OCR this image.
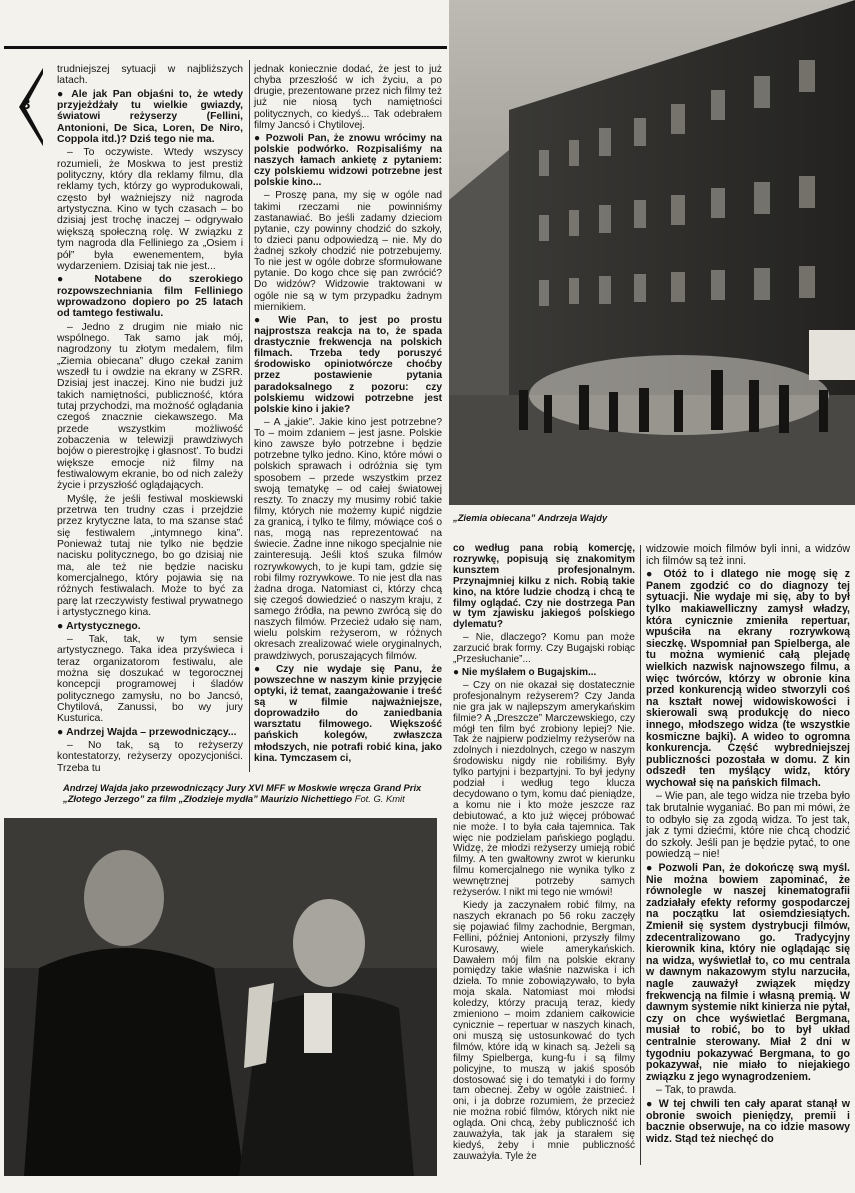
3
„Ziemia obiecana” Andrzeja Wajdy
Andrzej Wajda jako przewodniczący Jury XVI MFF w Moskwie wręcza Grand Prix „Złotego Jerzego” za film „Złodzieje mydła” Maurizio Nichettiego Fot. G. Kmit

trudniejszej sytuacji w najbliższych latach.

● Ale jak Pan objaśni to, że wtedy przyjeżdżały tu wielkie gwiazdy, światowi reżyserzy (Fellini, Antonioni, De Sica, Loren, De Niro, Coppola itd.)? Dziś tego nie ma.

– To oczywiste. Wtedy wszyscy rozumieli, że Moskwa to jest prestiż polityczny, który dla reklamy filmu, dla reklamy tych, którzy go wyprodukowali, często był ważniejszy niż nagroda artystyczna. Kino w tych czasach – bo dzisiaj jest trochę inaczej – odgrywało większą społeczną rolę. W związku z tym nagroda dla Felliniego za „Osiem i pół” była ewenementem, była wydarzeniem. Dzisiaj tak nie jest...

● Notabene do szerokiego rozpowszechniania film Felliniego wprowadzono dopiero po 25 latach od tamtego festiwalu.

– Jedno z drugim nie miało nic wspólnego. Tak samo jak mój, nagrodzony tu złotym medalem, film „Ziemia obiecana” długo czekał zanim wszedł tu i owdzie na ekrany w ZSRR. Dzisiaj jest inaczej. Kino nie budzi już takich namiętności, publiczność, która tutaj przychodzi, ma możność oglądania czegoś znacznie ciekawszego. Ma przede wszystkim możliwość zobaczenia w telewizji prawdziwych bojów o pierestrojkę i głasnost’. To budzi większe emocje niż filmy na festiwalowym ekranie, bo od nich zależy życie i przyszłość oglądających.

Myślę, że jeśli festiwal moskiewski przetrwa ten trudny czas i przejdzie przez krytyczne lata, to ma szanse stać się festiwalem „intymnego kina”. Ponieważ tutaj nie tylko nie będzie nacisku politycznego, bo go dzisiaj nie ma, ale też nie będzie nacisku komercjalnego, który pojawia się na różnych festiwalach. Może to być za parę lat rzeczywisty festiwal prywatnego i artystycznego kina.

● Artystycznego.

– Tak, tak, w tym sensie artystycznego. Taka idea przyświeca i teraz organizatorom festiwalu, ale można się doszukać w tegorocznej koncepcji programowej i śladów politycznego zamysłu, no bo Jancsó, Chytilová, Zanussi, bo wy jury Kusturica.

● Andrzej Wajda – przewodniczący...

– No tak, są to reżyserzy kontestatorzy, reżyserzy opozycjoniści. Trzeba tu

jednak koniecznie dodać, że jest to już chyba przeszłość w ich życiu, a po drugie, prezentowane przez nich filmy też już nie niosą tych namiętności politycznych, co kiedyś... Tak odebrałem filmy Jancsó i Chytilovej.

● Pozwoli Pan, że znowu wrócimy na polskie podwórko. Rozpisaliśmy na naszych łamach ankietę z pytaniem: czy polskiemu widzowi potrzebne jest polskie kino...

– Proszę pana, my się w ogóle nad takimi rzeczami nie powinniśmy zastanawiać. Bo jeśli zadamy dzieciom pytanie, czy powinny chodzić do szkoły, to dzieci panu odpowiedzą – nie. My do żadnej szkoły chodzić nie potrzebujemy. To nie jest w ogóle dobrze sformułowane pytanie. Do kogo chce się pan zwrócić? Do widzów? Widzowie traktowani w ogóle nie są w tym przypadku żadnym miernikiem.

● Wie Pan, to jest po prostu najprostsza reakcja na to, że spada drastycznie frekwencja na polskich filmach. Trzeba tedy poruszyć środowisko opiniotwórcze choćby przez postawienie pytania paradoksalnego z pozoru: czy polskiemu widzowi potrzebne jest polskie kino i jakie?

– A „jakie”. Jakie kino jest potrzebne? To – moim zdaniem – jest jasne. Polskie kino zawsze było potrzebne i będzie potrzebne tylko jedno. Kino, które mówi o polskich sprawach i odróżnia się tym sposobem – przede wszystkim przez swoją tematykę – od całej światowej reszty. To znaczy my musimy robić takie filmy, których nie możemy kupić nigdzie za granicą, i tylko te filmy, mówiące coś o nas, mogą nas reprezentować na świecie. Żadne inne nikogo specjalnie nie zainteresują. Jeśli ktoś szuka filmów rozrywkowych, to je kupi tam, gdzie się robi filmy rozrywkowe. To nie jest dla nas żadna droga. Natomiast ci, którzy chcą się czegoś dowiedzieć o naszym kraju, z samego źródła, na pewno zwrócą się do naszych filmów. Przecież udało się nam, wielu polskim reżyserom, w różnych okresach zrealizować wiele oryginalnych, prawdziwych, poruszających filmów.

● Czy nie wydaje się Panu, że powszechne w naszym kinie przyjęcie optyki, iż temat, zaangażowanie i treść są w filmie najważniejsze, doprowadziło do zaniedbania warsztatu filmowego. Większość pańskich kolegów, zwłaszcza młodszych, nie potrafi robić kina, jako kina. Tymczasem ci,

co według pana robią komercję, rozrywkę, popisują się znakomitym kunsztem profesjonalnym. Przynajmniej kilku z nich. Robią takie kino, na które ludzie chodzą i chcą te filmy oglądać. Czy nie dostrzega Pan w tym zjawisku jakiegoś polskiego dylematu?

– Nie, dlaczego? Komu pan może zarzucić brak formy. Czy Bugajski robiąc „Przesłuchanie”...

● Nie myślałem o Bugajskim...

– Czy on nie okazał się dostatecznie profesjonalnym reżyserem? Czy Janda nie gra jak w najlepszym amerykańskim filmie? A „Dreszcze” Marczewskiego, czy mógł ten film być zrobiony lepiej? Nie. Tak że najpierw podzielmy reżyserów na zdolnych i niezdolnych, czego w naszym środowisku nigdy nie robiliśmy. Były tylko partyjni i bezpartyjni. To był jedyny podział i według tego klucza decydowano o tym, komu dać pieniądze, a komu nie i kto może jeszcze raz debiutować, a kto już więcej próbować nie może. I to była cała tajemnica. Tak więc nie podzielam pańskiego poglądu. Widzę, że młodzi reżyserzy umieją robić filmy. A ten gwałtowny zwrot w kierunku filmu komercjalnego nie wynika tylko z wewnętrznej potrzeby samych reżyserów. I nikt mi tego nie wmówi!

Kiedy ja zaczynałem robić filmy, na naszych ekranach po 56 roku zaczęły się pojawiać filmy zachodnie, Bergman, Fellini, później Antonioni, przyszły filmy Kurosawy, wiele amerykańskich. Dawałem mój film na polskie ekrany pomiędzy takie właśnie nazwiska i ich dzieła. To mnie zobowiązywało, to była moja skala. Natomiast moi młodsi koledzy, którzy pracują teraz, kiedy zmieniono – moim zdaniem całkowicie cynicznie – repertuar w naszych kinach, oni muszą się ustosunkować do tych filmów, które idą w kinach są. Jeżeli są filmy Spielberga, kung-fu i są filmy policyjne, to muszą w jakiś sposób dostosować się i do tematyki i do formy tam obecnej. Żeby w ogóle zaistnieć. I oni, i ja dobrze rozumiem, że przecież nie można robić filmów, których nikt nie ogląda. Oni chcą, żeby publiczność ich zauważyła, tak jak ja starałem się kiedyś, żeby i mnie publiczność zauważyła. Tyle że

widzowie moich filmów byli inni, a widzów ich filmów są też inni.

● Otóż to i dlatego nie mogę się z Panem zgodzić co do diagnozy tej sytuacji. Nie wydaje mi się, aby to był tylko makiawelliczny zamysł władzy, która cynicznie zmieniła repertuar, wpuściła na ekrany rozrywkową sieczkę. Wspomniał pan Spielberga, ale tu można wymienić całą plejadę wielkich nazwisk najnowszego filmu, a więc twórców, którzy w obronie kina przed konkurencją wideo stworzyli coś na kształt nowej widowiskowości i skierowali swą produkcję do nieco innego, młodszego widza (te wszystkie kosmiczne bajki). A wideo to ogromna konkurencja. Część wybredniejszej publiczności pozostała w domu. Z kin odszedł ten myślący widz, który wychował się na pańskich filmach.

– Wie pan, ale tego widza nie trzeba było tak brutalnie wyganiać. Bo pan mi mówi, że to odbyło się za zgodą widza. To jest tak, jak z tymi dziećmi, które nie chcą chodzić do szkoły. Jeśli pan je będzie pytać, to one powiedzą – nie!

● Pozwoli Pan, że dokończę swą myśl. Nie można bowiem zapominać, że równolegle w naszej kinematografii zadziałały efekty reformy gospodarczej na początku lat osiemdziesiątych. Zmienił się system dystrybucji filmów, zdecentralizowano go. Tradycyjny kierownik kina, który nie oglądając się na widza, wyświetlał to, co mu centrala w dawnym nakazowym stylu narzuciła, nagle zauważył związek między frekwencją na filmie i własną premią. W dawnym systemie nikt kinierza nie pytał, czy on chce wyświetlać Bergmana, musiał to robić, bo to był układ centralnie sterowany. Miał 2 dni w tygodniu pokazywać Bergmana, to go pokazywał, nie miało to niejakiego związku z jego wynagrodzeniem.

– Tak, to prawda.

● W tej chwili ten cały aparat stanął w obronie swoich pieniędzy, premii i bacznie obserwuje, na co idzie masowy widz. Stąd też niechęć do
